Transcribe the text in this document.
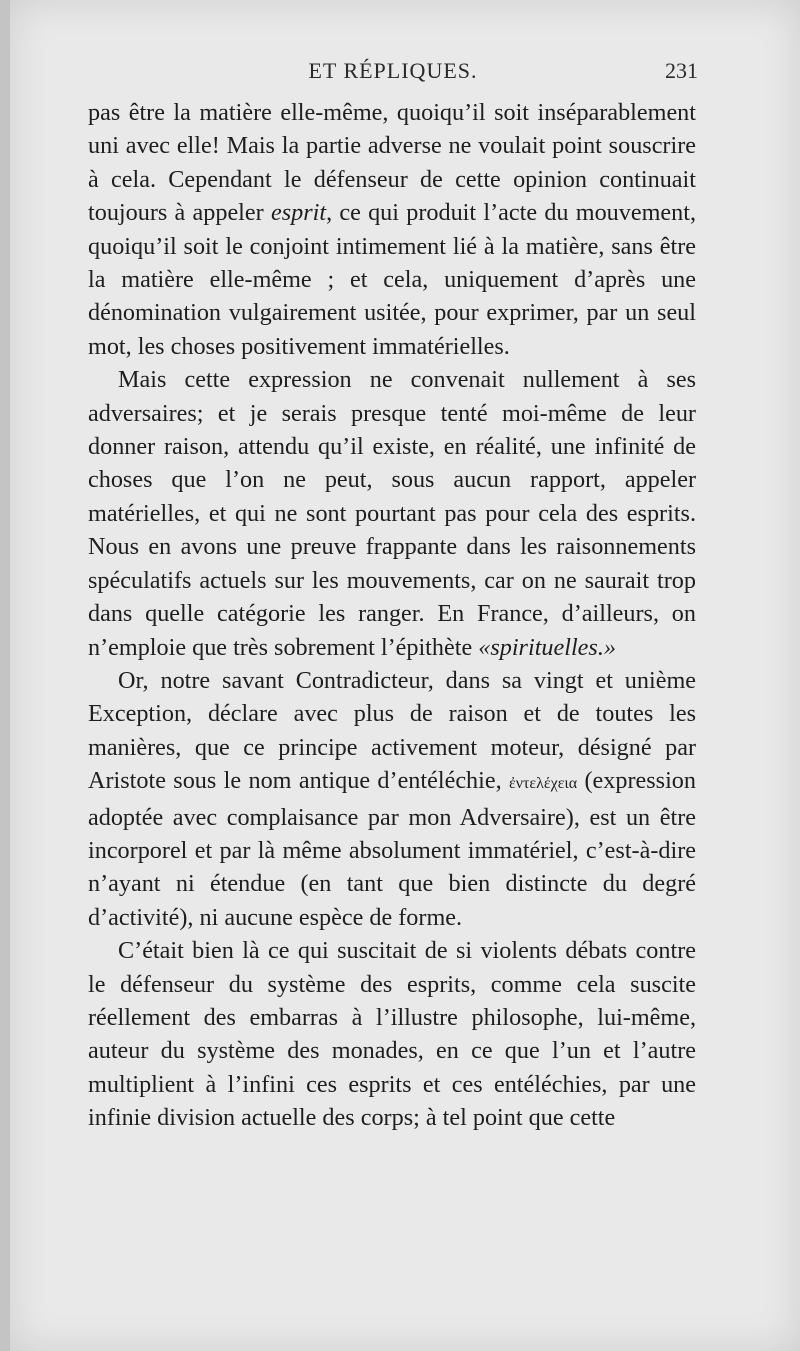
ET RÉPLIQUES.	231

pas être la matière elle-même, quoiqu’il soit inséparablement uni avec elle! Mais la partie adverse ne voulait point souscrire à cela. Cependant le défenseur de cette opinion continuait toujours à appeler esprit, ce qui produit l’acte du mouvement, quoiqu’il soit le conjoint intimement lié à la matière, sans être la matière elle-même ; et cela, uniquement d’après une dénomination vulgairement usitée, pour exprimer, par un seul mot, les choses positivement immatérielles.

Mais cette expression ne convenait nullement à ses adversaires; et je serais presque tenté moi-même de leur donner raison, attendu qu’il existe, en réalité, une infinité de choses que l’on ne peut, sous aucun rapport, appeler matérielles, et qui ne sont pourtant pas pour cela des esprits. Nous en avons une preuve frappante dans les raisonnements spéculatifs actuels sur les mouvements, car on ne saurait trop dans quelle catégorie les ranger. En France, d’ailleurs, on n’emploie que très sobrement l’épithète «spirituelles.»

Or, notre savant Contradicteur, dans sa vingt et unième Exception, déclare avec plus de raison et de toutes les manières, que ce principe activement moteur, désigné par Aristote sous le nom antique d’entéléchie, ἐντελέχεια (expression adoptée avec complaisance par mon Adversaire), est un être incorporel et par là même absolument immatériel, c’est-à-dire n’ayant ni étendue (en tant que bien distincte du degré d’activité), ni aucune espèce de forme.

C’était bien là ce qui suscitait de si violents débats contre le défenseur du système des esprits, comme cela suscite réellement des embarras à l’illustre philosophe, lui-même, auteur du système des monades, en ce que l’un et l’autre multiplient à l’infini ces esprits et ces entéléchies, par une infinie division actuelle des corps; à tel point que cette
